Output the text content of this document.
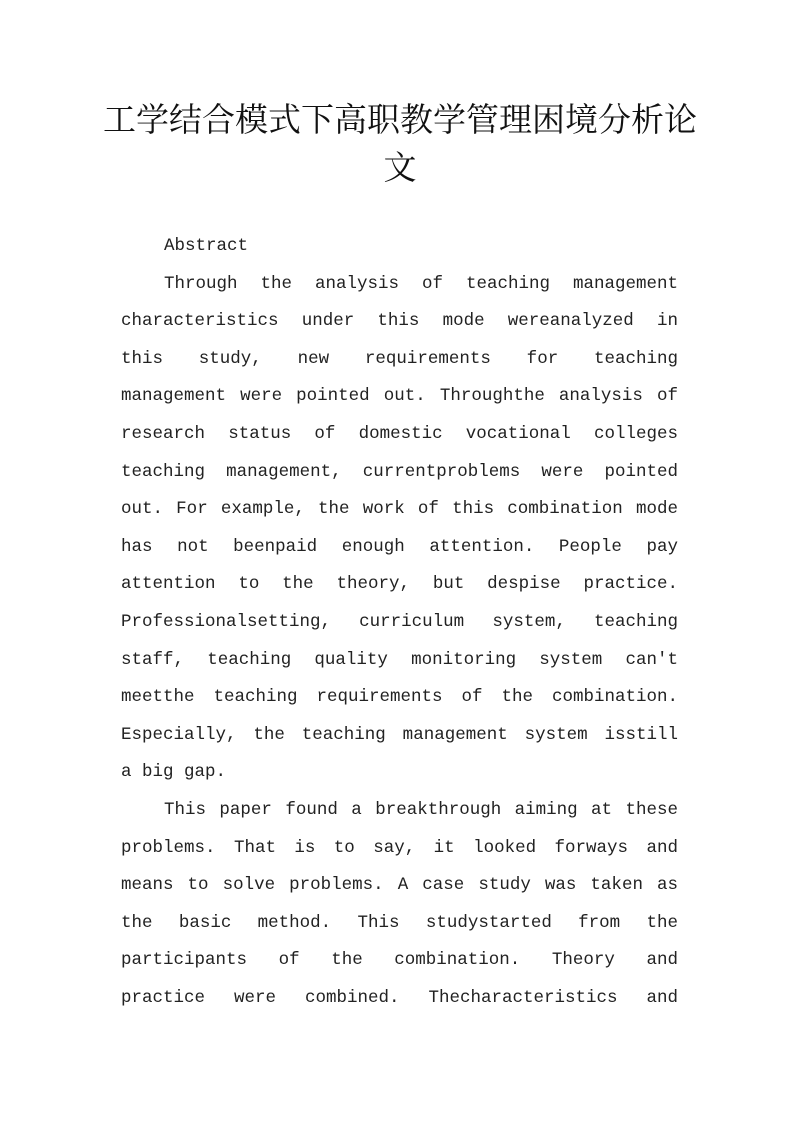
工学结合模式下高职教学管理困境分析论文
Abstract
Through the analysis of teaching management
characteristics under this mode wereanalyzed in
this study, new requirements for teaching
management were pointed out. Throughthe analysis of
research status of domestic vocational colleges
teaching management, currentproblems were pointed
out. For example, the work of this combination mode
has not beenpaid enough attention. People pay
attention to the theory, but despise practice.
Professionalsetting, curriculum system, teaching
staff, teaching quality monitoring system can't
meetthe teaching requirements of the combination.
Especially, the teaching management system isstill
a big gap.
This paper found a breakthrough aiming at these
problems. That is to say, it looked forways and
means to solve problems. A case study was taken as
the basic method. This studystarted from the
participants of the combination. Theory and
practice were combined. Thecharacteristics and
